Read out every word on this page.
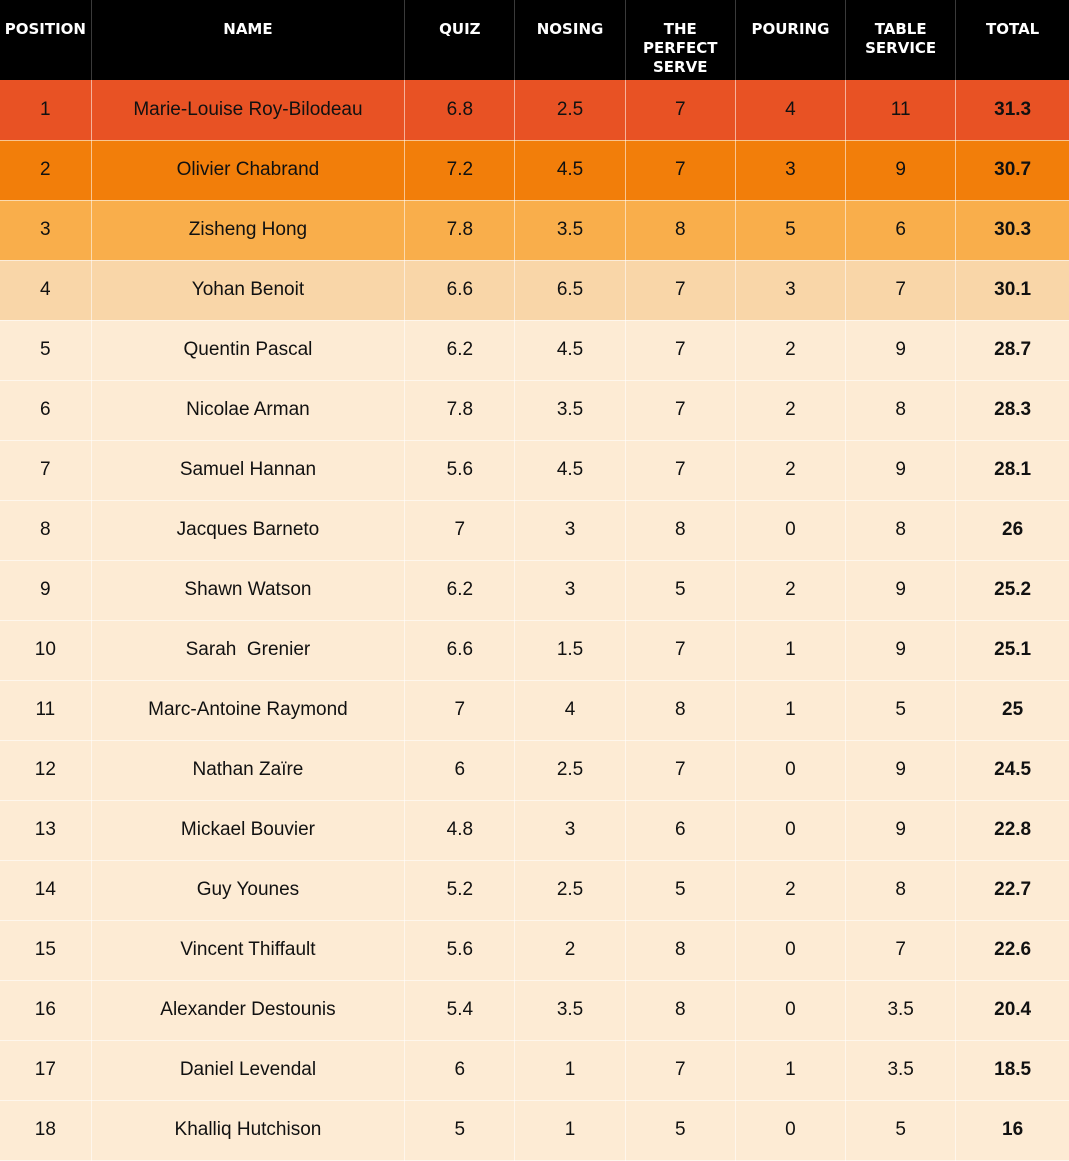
POSITION	NAME	QUIZ	NOSING	THE PERFECT SERVE	POURING	TABLE SERVICE	TOTAL
1	Marie-Louise Roy-Bilodeau	6.8	2.5	7	4	11	31.3
2	Olivier Chabrand	7.2	4.5	7	3	9	30.7
3	Zisheng Hong	7.8	3.5	8	5	6	30.3
4	Yohan Benoit	6.6	6.5	7	3	7	30.1
5	Quentin Pascal	6.2	4.5	7	2	9	28.7
6	Nicolae Arman	7.8	3.5	7	2	8	28.3
7	Samuel Hannan	5.6	4.5	7	2	9	28.1
8	Jacques Barneto	7	3	8	0	8	26
9	Shawn Watson	6.2	3	5	2	9	25.2
10	Sarah  Grenier	6.6	1.5	7	1	9	25.1
11	Marc-Antoine Raymond	7	4	8	1	5	25
12	Nathan Zaïre	6	2.5	7	0	9	24.5
13	Mickael Bouvier	4.8	3	6	0	9	22.8
14	Guy Younes	5.2	2.5	5	2	8	22.7
15	Vincent Thiffault	5.6	2	8	0	7	22.6
16	Alexander Destounis	5.4	3.5	8	0	3.5	20.4
17	Daniel Levendal	6	1	7	1	3.5	18.5
18	Khalliq Hutchison	5	1	5	0	5	16
